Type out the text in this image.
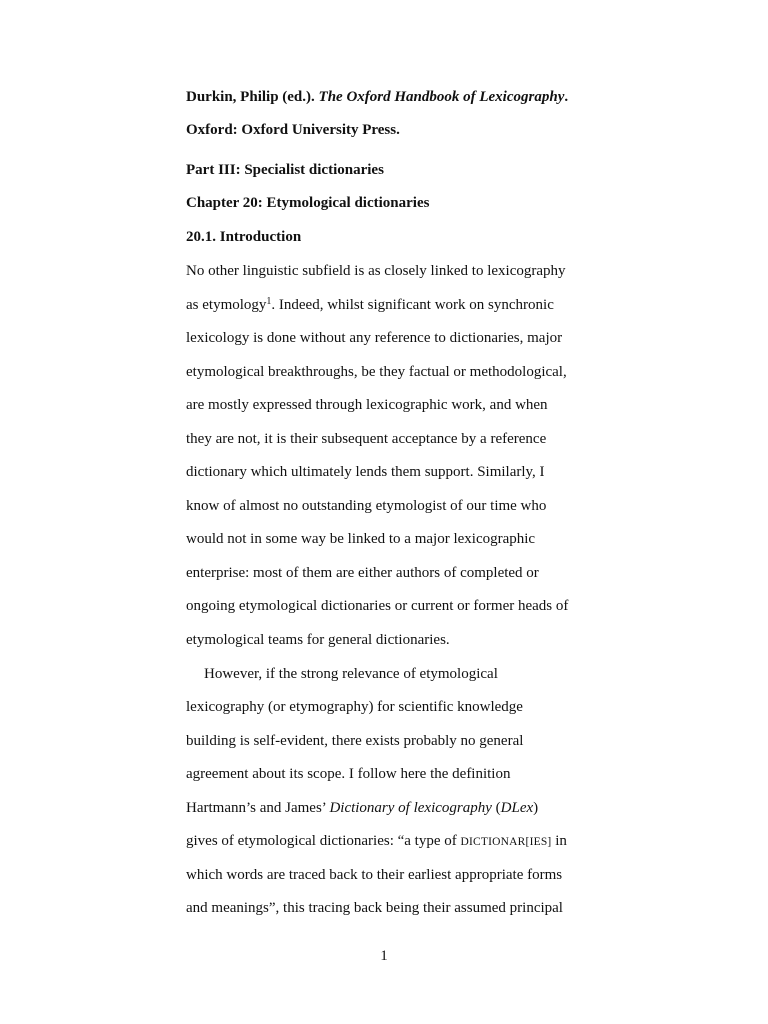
Durkin, Philip (ed.). The Oxford Handbook of Lexicography.
Oxford: Oxford University Press.
Part III: Specialist dictionaries
Chapter 20: Etymological dictionaries
20.1. Introduction
No other linguistic subfield is as closely linked to lexicography
as etymology$^1$. Indeed, whilst significant work on synchronic
lexicology is done without any reference to dictionaries, major
etymological breakthroughs, be they factual or methodological,
are mostly expressed through lexicographic work, and when
they are not, it is their subsequent acceptance by a reference
dictionary which ultimately lends them support. Similarly, I
know of almost no outstanding etymologist of our time who
would not in some way be linked to a major lexicographic
enterprise: most of them are either authors of completed or
ongoing etymological dictionaries or current or former heads of
etymological teams for general dictionaries.
However, if the strong relevance of etymological
lexicography (or etymography) for scientific knowledge
building is self-evident, there exists probably no general
agreement about its scope. I follow here the definition
Hartmann’s and James’ Dictionary of lexicography (DLex)
gives of etymological dictionaries: “a type of DICTIONAR[IES] in
which words are traced back to their earliest appropriate forms
and meanings”, this tracing back being their assumed principal
1
